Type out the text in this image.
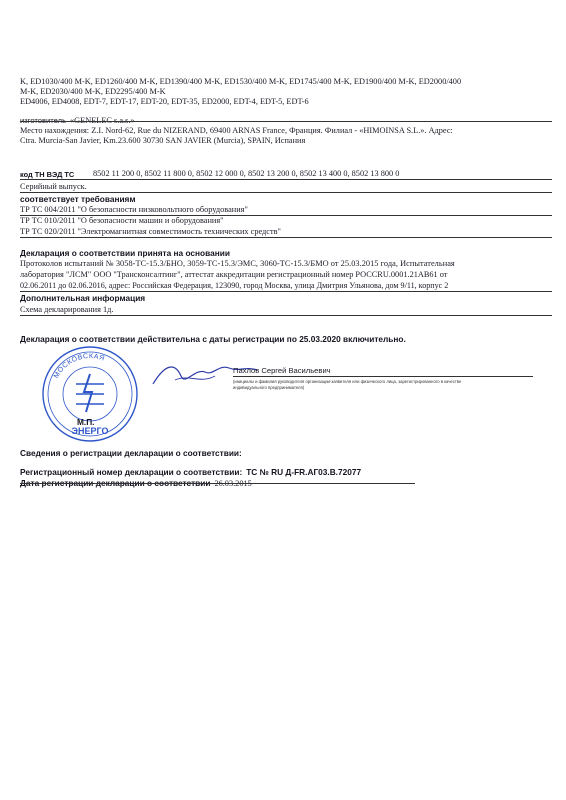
K, ED1030/400 M-K, ED1260/400 M-K, ED1390/400 M-K, ED1530/400 M-K, ED1745/400 M-K, ED1900/400 M-K, ED2000/400
M-K, ED2030/400 M-K, ED2295/400 M-K
ED4006, ED4008, EDT-7, EDT-17, EDT-20, EDT-35, ED2000, EDT-4, EDT-5, EDT-6
изготовитель «GENELEC s.a.s.»
Место нахождения: Z.I. Nord-62, Rue du NIZERAND, 69400 ARNAS France, Франция. Филиал - «HIMOINSA S.L.». Адрес:
Ctra. Murcia-San Javier, Km.23.600 30730 SAN JAVIER (Murcia), SPAIN, Испания
код ТН ВЭД ТС 8502 11 200 0, 8502 11 800 0, 8502 12 000 0, 8502 13 200 0, 8502 13 400 0, 8502 13 800 0
Серийный выпуск.
соответствует требованиям
ТР ТС 004/2011 "О безопасности низковольтного оборудования"
ТР ТС 010/2011 "О безопасности машин и оборудования"
ТР ТС 020/2011 "Электромагнитная совместимость технических средств"
Декларация о соответствии принята на основании
Протоколов испытаний № 3058-ТС-15.3/БНО, 3059-ТС-15.3/ЭМС, 3060-ТС-15.3/БМО от 25.03.2015 года, Испытательная
лаборатория "ЛСМ" ООО "Трансконсалтинг", аттестат аккредитации регистрационный номер РОССRU.0001.21АВ61 от
02.06.2011 до 02.06.2016, адрес: Российская Федерация, 123090, город Москва, улица Дмитрия Ульянова, дом 9/11, корпус 2
Дополнительная информация
Схема декларирования 1д.
Декларация о соответствии действительна с даты регистрации по 25.03.2020 включительно.
Пахлов Сергей Васильевич
(инициалы и фамилия руководителя организации-заявителя или физического лица, зарегистрированного в качестве
индивидуального предпринимателя)
МОСКОВСКАЯ
ЭНЕРГО
М.П.
Сведения о регистрации декларации о соответствии:
Регистрационный номер декларации о соответствии: ТС № RU Д-FR.АГ03.В.72077
Дата регистрации декларации о соответствии 26.03.2015
